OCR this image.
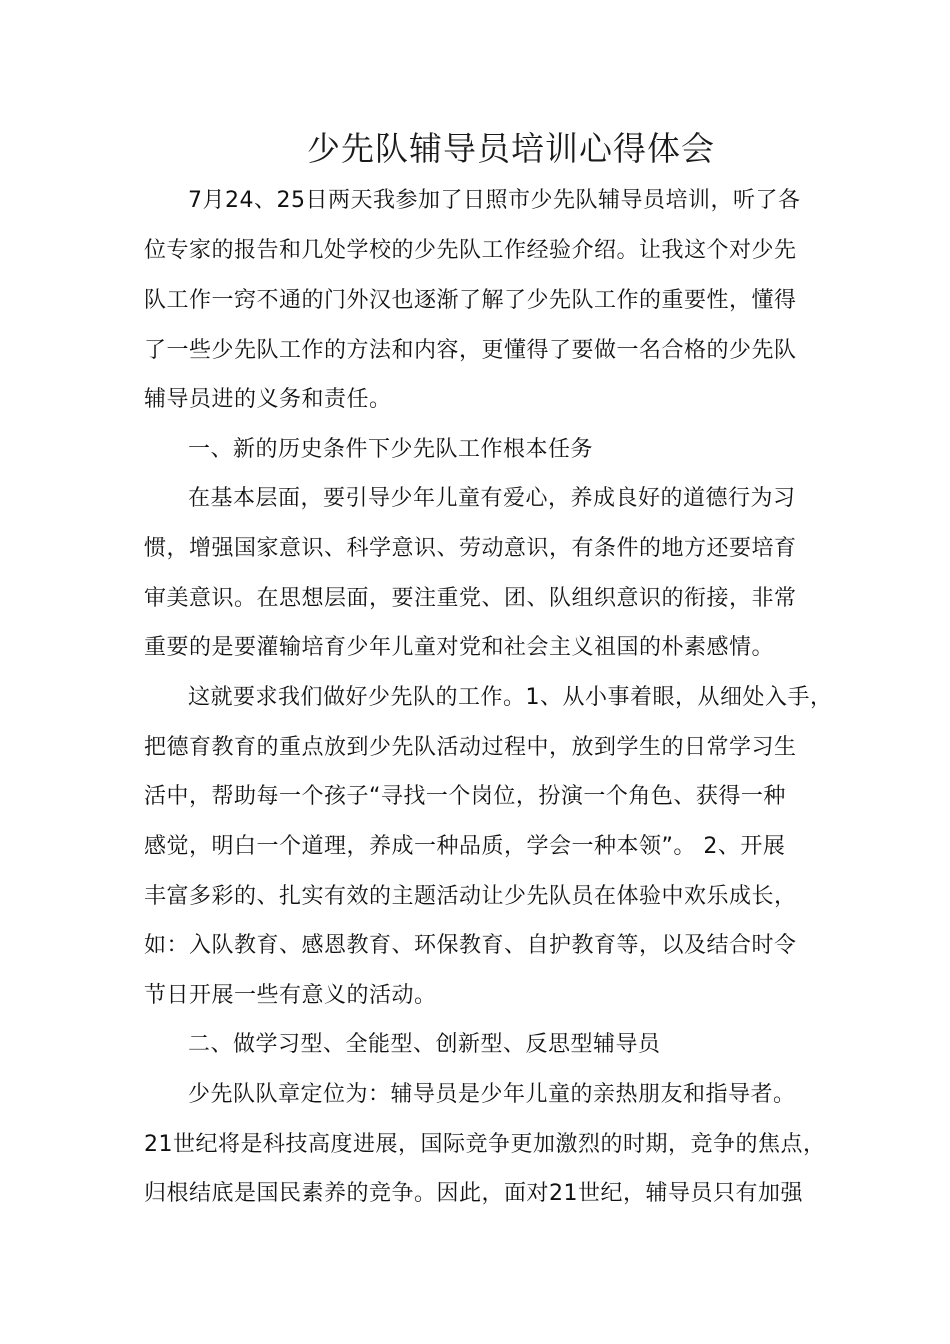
少先队辅导员培训心得体会
7月24、25日两天我参加了日照市少先队辅导员培训，听了各
位专家的报告和几处学校的少先队工作经验介绍。让我这个对少先
队工作一窍不通的门外汉也逐渐了解了少先队工作的重要性，懂得
了一些少先队工作的方法和内容，更懂得了要做一名合格的少先队
辅导员进的义务和责任。
一、新的历史条件下少先队工作根本任务
在基本层面，要引导少年儿童有爱心，养成良好的道德行为习
惯，增强国家意识、科学意识、劳动意识，有条件的地方还要培育
审美意识。在思想层面，要注重党、团、队组织意识的衔接，非常
重要的是要灌输培育少年儿童对党和社会主义祖国的朴素感情。
这就要求我们做好少先队的工作。1、从小事着眼，从细处入手，
把德育教育的重点放到少先队活动过程中，放到学生的日常学习生
活中，帮助每一个孩子“寻找一个岗位，扮演一个角色、获得一种
感觉，明白一个道理，养成一种品质，学会一种本领”。 2、开展
丰富多彩的、扎实有效的主题活动让少先队员在体验中欢乐成长，
如：入队教育、感恩教育、环保教育、自护教育等，以及结合时令
节日开展一些有意义的活动。
二、做学习型、全能型、创新型、反思型辅导员
少先队队章定位为：辅导员是少年儿童的亲热朋友和指导者。
21世纪将是科技高度进展，国际竞争更加激烈的时期，竞争的焦点，
归根结底是国民素养的竞争。因此，面对21世纪，辅导员只有加强
